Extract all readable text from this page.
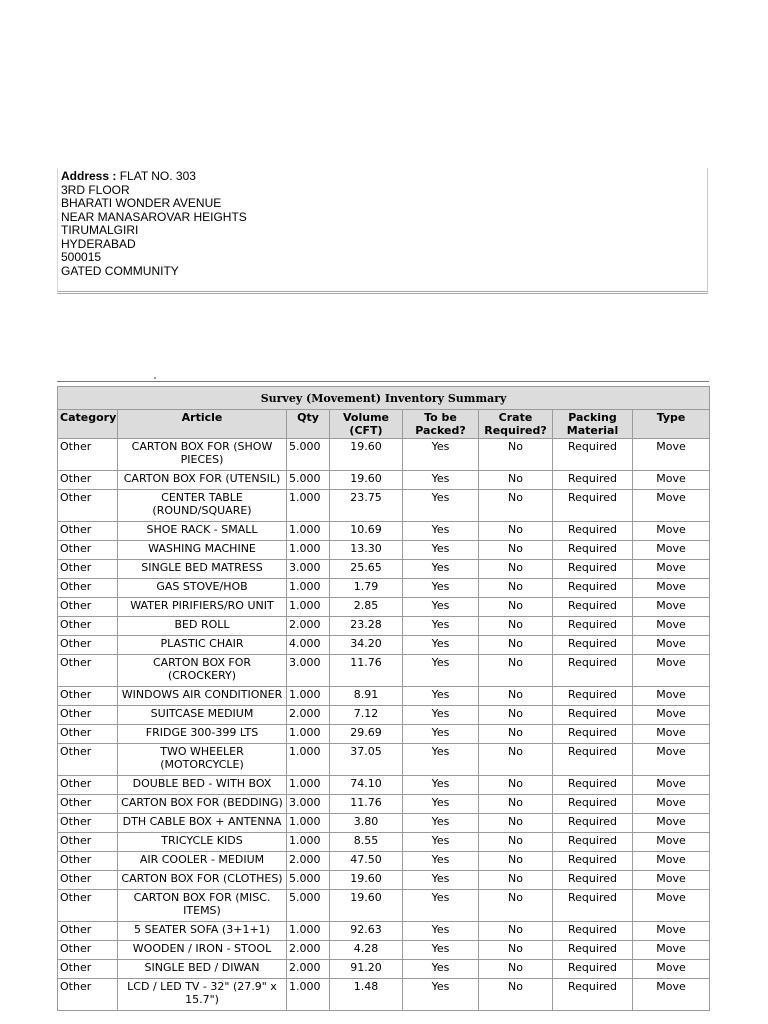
Address : FLAT NO. 303
3RD FLOOR
BHARATI WONDER AVENUE
NEAR MANASAROVAR HEIGHTS
TIRUMALGIRI
HYDERABAD
500015
GATED COMMUNITY
Survey (Movement) Inventory Summary							
Category	Article	Qty	Volume (CFT)	To be Packed?	Crate Required?	Packing Material	Type
Other	CARTON BOX FOR (SHOW PIECES)	5.000	19.60	Yes	No	Required	Move
Other	CARTON BOX FOR (UTENSIL)	5.000	19.60	Yes	No	Required	Move
Other	CENTER TABLE (ROUND/SQUARE)	1.000	23.75	Yes	No	Required	Move
Other	SHOE RACK - SMALL	1.000	10.69	Yes	No	Required	Move
Other	WASHING MACHINE	1.000	13.30	Yes	No	Required	Move
Other	SINGLE BED MATRESS	3.000	25.65	Yes	No	Required	Move
Other	GAS STOVE/HOB	1.000	1.79	Yes	No	Required	Move
Other	WATER PIRIFIERS/RO UNIT	1.000	2.85	Yes	No	Required	Move
Other	BED ROLL	2.000	23.28	Yes	No	Required	Move
Other	PLASTIC CHAIR	4.000	34.20	Yes	No	Required	Move
Other	CARTON BOX FOR (CROCKERY)	3.000	11.76	Yes	No	Required	Move
Other	WINDOWS AIR CONDITIONER	1.000	8.91	Yes	No	Required	Move
Other	SUITCASE MEDIUM	2.000	7.12	Yes	No	Required	Move
Other	FRIDGE 300-399 LTS	1.000	29.69	Yes	No	Required	Move
Other	TWO WHEELER (MOTORCYCLE)	1.000	37.05	Yes	No	Required	Move
Other	DOUBLE BED - WITH BOX	1.000	74.10	Yes	No	Required	Move
Other	CARTON BOX FOR (BEDDING)	3.000	11.76	Yes	No	Required	Move
Other	DTH CABLE BOX + ANTENNA	1.000	3.80	Yes	No	Required	Move
Other	TRICYCLE KIDS	1.000	8.55	Yes	No	Required	Move
Other	AIR COOLER - MEDIUM	2.000	47.50	Yes	No	Required	Move
Other	CARTON BOX FOR (CLOTHES)	5.000	19.60	Yes	No	Required	Move
Other	CARTON BOX FOR (MISC. ITEMS)	5.000	19.60	Yes	No	Required	Move
Other	5 SEATER SOFA (3+1+1)	1.000	92.63	Yes	No	Required	Move
Other	WOODEN / IRON - STOOL	2.000	4.28	Yes	No	Required	Move
Other	SINGLE BED / DIWAN	2.000	91.20	Yes	No	Required	Move
Other	LCD / LED TV - 32" (27.9" x 15.7")	1.000	1.48	Yes	No	Required	Move
